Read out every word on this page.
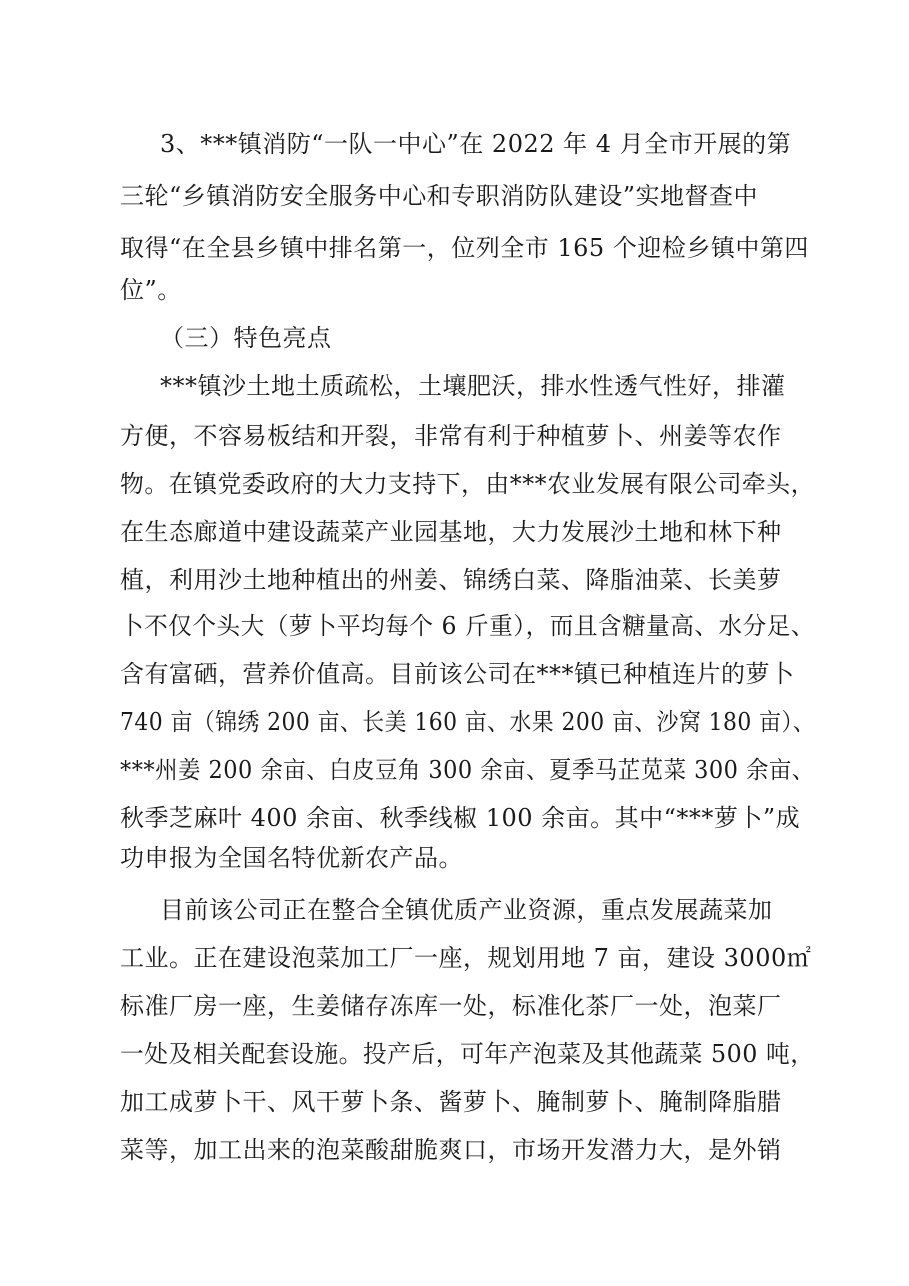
3、***镇消防“一队一中心”在 2022 年 4 月全市开展的第
三轮“乡镇消防安全服务中心和专职消防队建设”实地督查中
取得“在全县乡镇中排名第一，位列全市 165 个迎检乡镇中第四
位”。
（三）特色亮点
***镇沙土地土质疏松，土壤肥沃，排水性透气性好，排灌
方便，不容易板结和开裂，非常有利于种植萝卜、州姜等农作
物。在镇党委政府的大力支持下，由***农业发展有限公司牵头，
在生态廊道中建设蔬菜产业园基地，大力发展沙土地和林下种
植，利用沙土地种植出的州姜、锦绣白菜、降脂油菜、长美萝
卜不仅个头大（萝卜平均每个 6 斤重），而且含糖量高、水分足、
含有富硒，营养价值高。目前该公司在***镇已种植连片的萝卜
740 亩（锦绣 200 亩、长美 160 亩、水果 200 亩、沙窝 180 亩）、
***州姜 200 余亩、白皮豆角 300 余亩、夏季马芷苋菜 300 余亩、
秋季芝麻叶 400 余亩、秋季线椒 100 余亩。其中“***萝卜”成
功申报为全国名特优新农产品。
目前该公司正在整合全镇优质产业资源，重点发展蔬菜加
工业。正在建设泡菜加工厂一座，规划用地 7 亩，建设 3000㎡
标准厂房一座，生姜储存冻库一处，标准化茶厂一处，泡菜厂
一处及相关配套设施。投产后，可年产泡菜及其他蔬菜 500 吨，
加工成萝卜干、风干萝卜条、酱萝卜、腌制萝卜、腌制降脂腊
菜等，加工出来的泡菜酸甜脆爽口，市场开发潜力大，是外销
